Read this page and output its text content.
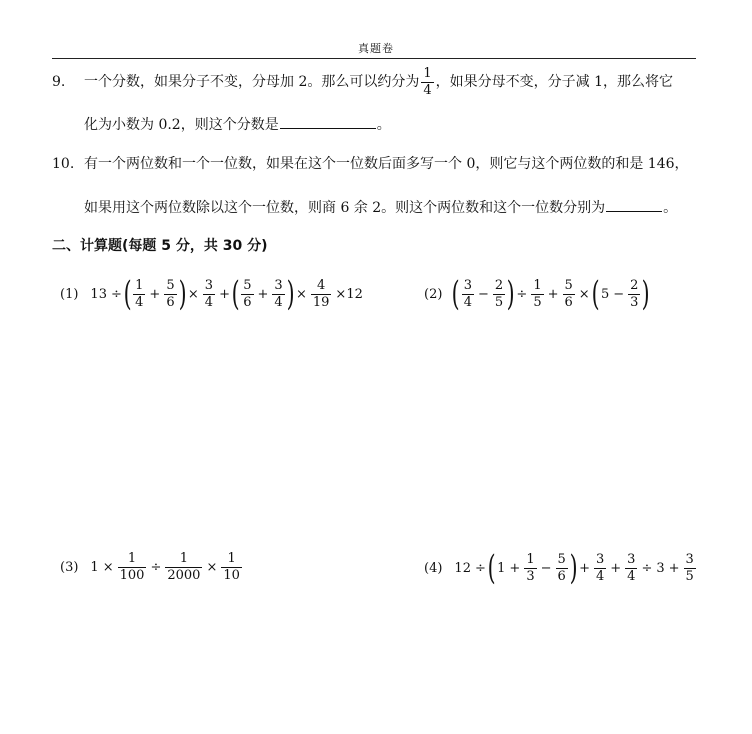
真题卷
9. 一个分数，如果分子不变，分母加 2。那么可以约分为 $\frac{1}{4}$ ，如果分母不变，分子减 1，那么将它
化为小数为 0.2，则这个分数是	。
10. 有一个两位数和一个一位数，如果在这个一位数后面多写一个 0，则它与这个两位数的和是 146，
如果用这个两位数除以这个一位数，则商 6 余 2。则这个两位数和这个一位数分别为	。
二、计算题(每题 5 分，共 30 分)
(1) 13 ÷ ( $\frac{1}{4} + \frac{5}{6}$ ) × $\frac{3}{4}$ + ( $\frac{5}{6} + \frac{3}{4}$ ) × $\frac{4}{19} \times 12$	(2) ( $\frac{3}{4} - \frac{2}{5}$ ) ÷ $\frac{1}{5} + \frac{5}{6}$ × ( $5 - \frac{2}{3}$ )
(3) $1 \times \frac{1}{100} \div \frac{1}{2000} \times \frac{1}{10}$	(4) 12 ÷ ( $1 + \frac{1}{3} - \frac{5}{6}$ ) + $\frac{3}{4} + \frac{3}{4} \div 3 + \frac{3}{5}$
